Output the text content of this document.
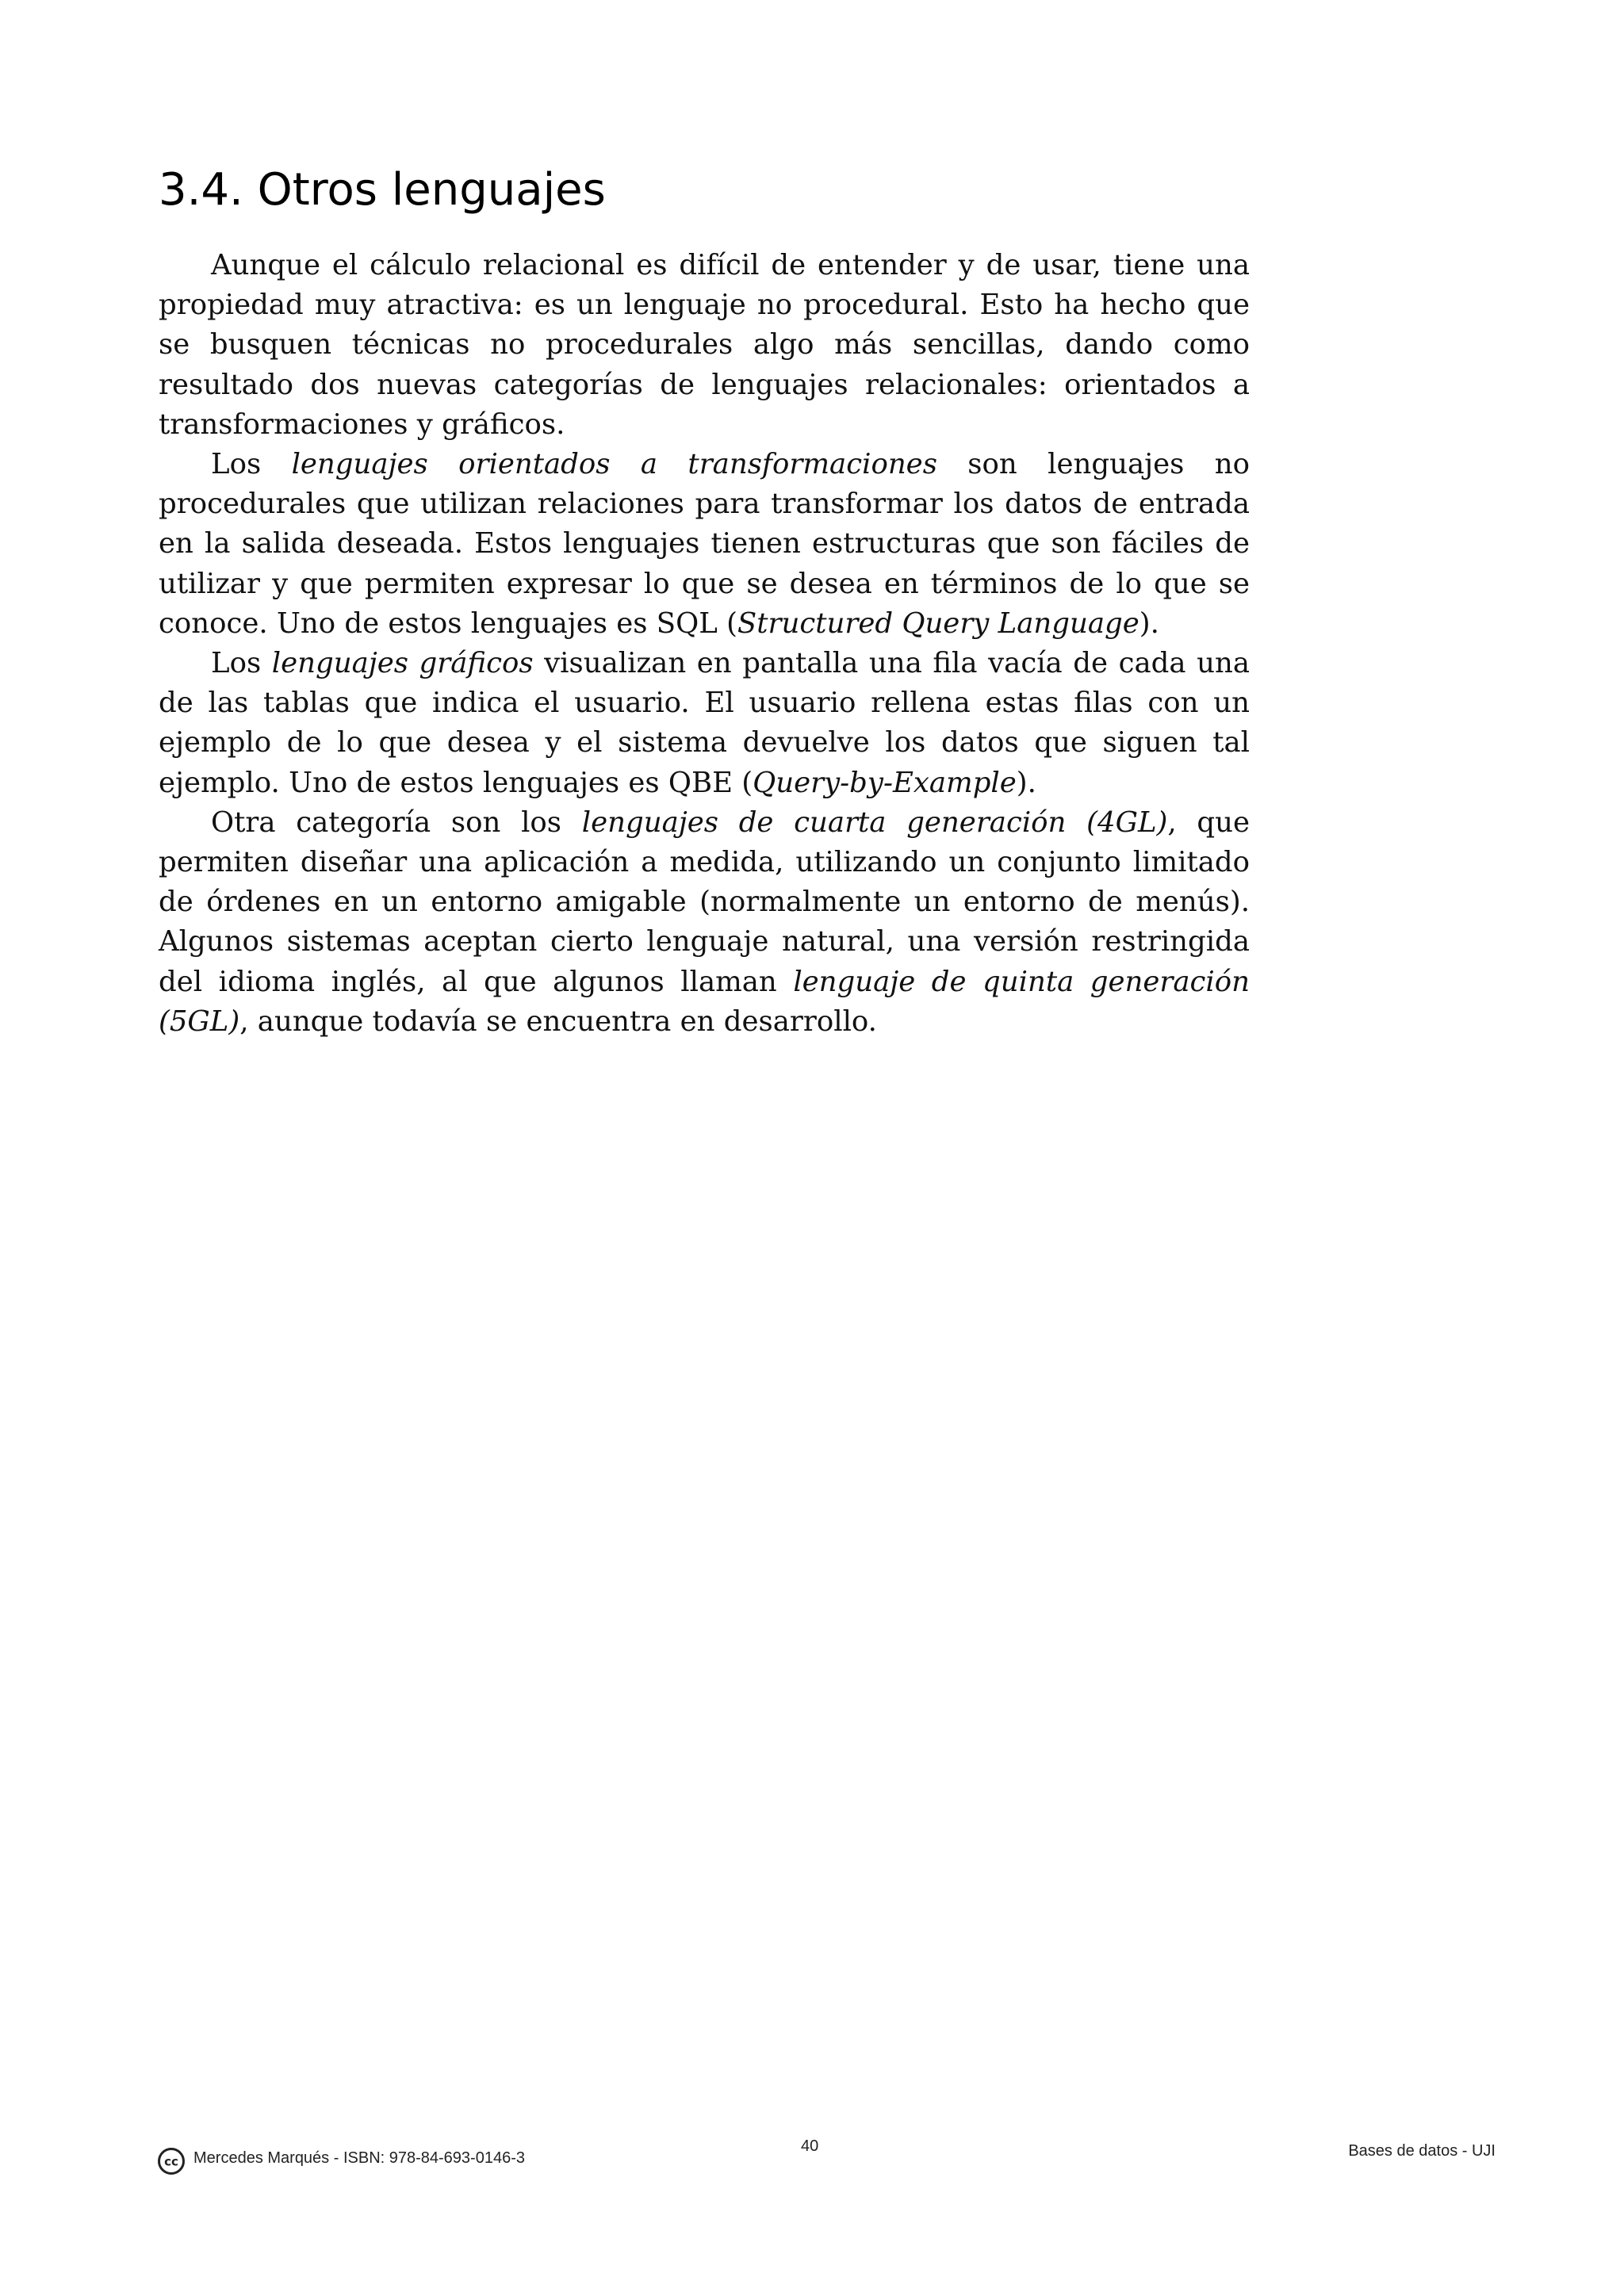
3.4. Otros lenguajes

Aunque el cálculo relacional es difícil de entender y de usar, tiene una propiedad muy atractiva: es un lenguaje no procedural. Esto ha hecho que se busquen técnicas no procedurales algo más sencillas, dando como resultado dos nuevas categorías de lenguajes relacionales: orientados a transformaciones y gráficos.

Los lenguajes orientados a transformaciones son lenguajes no procedurales que utilizan relaciones para transformar los datos de entrada en la salida deseada. Estos lenguajes tienen estructuras que son fáciles de utilizar y que permiten expresar lo que se desea en términos de lo que se conoce. Uno de estos lenguajes es SQL (Structured Query Language).

Los lenguajes gráficos visualizan en pantalla una fila vacía de cada una de las tablas que indica el usuario. El usuario rellena estas filas con un ejemplo de lo que desea y el sistema devuelve los datos que siguen tal ejemplo. Uno de estos lenguajes es QBE (Query-by-Example).

Otra categoría son los lenguajes de cuarta generación (4GL), que permiten diseñar una aplicación a medida, utilizando un conjunto limitado de órdenes en un entorno amigable (normalmente un entorno de menús). Algunos sistemas aceptan cierto lenguaje natural, una versión restringida del idioma inglés, al que algunos llaman lenguaje de quinta generación (5GL), aunque todavía se encuentra en desarrollo.

cc Mercedes Marqués - ISBN: 978-84-693-0146-3
40	Bases de datos - UJI
